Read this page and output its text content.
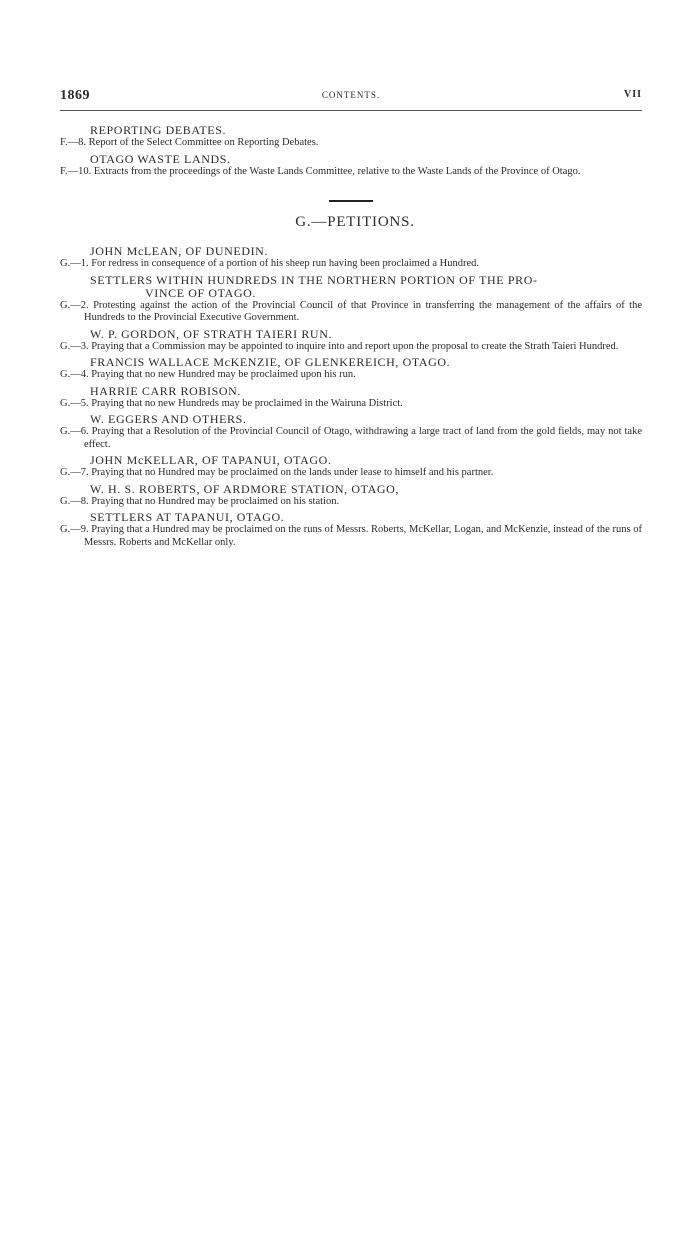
1869	CONTENTS.	VII
REPORTING DEBATES.
F.—8. Report of the Select Committee on Reporting Debates.
OTAGO WASTE LANDS.
F.—10. Extracts from the proceedings of the Waste Lands Committee, relative to the Waste Lands of the Province of Otago.
G.—PETITIONS.
JOHN McLEAN, OF DUNEDIN.
G.—1. For redress in consequence of a portion of his sheep run having been proclaimed a Hundred.
SETTLERS WITHIN HUNDREDS IN THE NORTHERN PORTION OF THE PRO-
VINCE OF OTAGO.
G.—2. Protesting against the action of the Provincial Council of that Province in transferring the management of the affairs of the Hundreds to the Provincial Executive Government.
W. P. GORDON, OF STRATH TAIERI RUN.
G.—3. Praying that a Commission may be appointed to inquire into and report upon the proposal to create the Strath Taieri Hundred.
FRANCIS WALLACE McKENZIE, OF GLENKEREICH, OTAGO.
G.—4. Praying that no new Hundred may be proclaimed upon his run.
HARRIE CARR ROBISON.
G.—5. Praying that no new Hundreds may be proclaimed in the Wairuna District.
W. EGGERS AND OTHERS.
G.—6. Praying that a Resolution of the Provincial Council of Otago, withdrawing a large tract of land from the gold fields, may not take effect.
JOHN McKELLAR, OF TAPANUI, OTAGO.
G.—7. Praying that no Hundred may be proclaimed on the lands under lease to himself and his partner.
W. H. S. ROBERTS, OF ARDMORE STATION, OTAGO,
G.—8. Praying that no Hundred may be proclaimed on his station.
SETTLERS AT TAPANUI, OTAGO.
G.—9. Praying that a Hundred may be proclaimed on the runs of Messrs. Roberts, McKellar, Logan, and McKenzie, instead of the runs of Messrs. Roberts and McKellar only.
